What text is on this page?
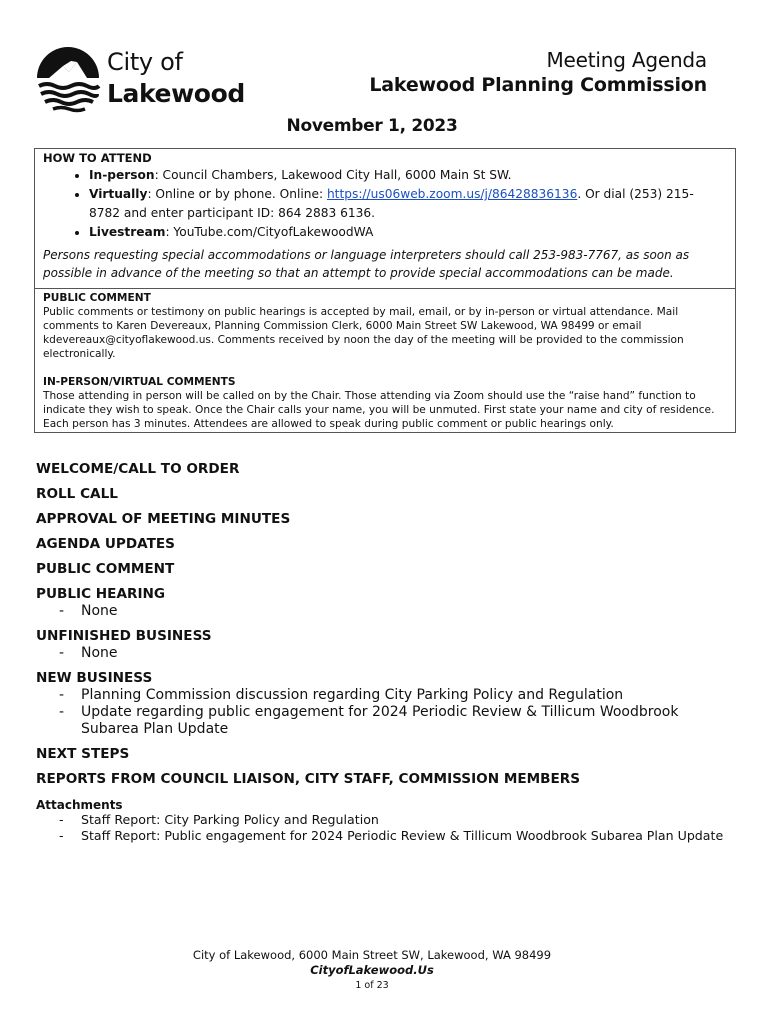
City of
Lakewood
Meeting Agenda
Lakewood Planning Commission
November 1, 2023
HOW TO ATTEND
• In-person: Council Chambers, Lakewood City Hall, 6000 Main St SW.
• Virtually: Online or by phone. Online: https://us06web.zoom.us/j/86428836136. Or dial (253) 215- 8782 and enter participant ID: 864 2883 6136.
• Livestream: YouTube.com/CityofLakewoodWA
Persons requesting special accommodations or language interpreters should call 253-983-7767, as soon as possible in advance of the meeting so that an attempt to provide special accommodations can be made.
PUBLIC COMMENT
Public comments or testimony on public hearings is accepted by mail, email, or by in-person or virtual attendance. Mail comments to Karen Devereaux, Planning Commission Clerk, 6000 Main Street SW Lakewood, WA 98499 or email kdevereaux@cityoflakewood.us. Comments received by noon the day of the meeting will be provided to the commission electronically.
IN-PERSON/VIRTUAL COMMENTS
Those attending in person will be called on by the Chair. Those attending via Zoom should use the “raise hand” function to indicate they wish to speak. Once the Chair calls your name, you will be unmuted. First state your name and city of residence. Each person has 3 minutes. Attendees are allowed to speak during public comment or public hearings only.
WELCOME/CALL TO ORDER
ROLL CALL
APPROVAL OF MEETING MINUTES
AGENDA UPDATES
PUBLIC COMMENT
PUBLIC HEARING
- None
UNFINISHED BUSINESS
- None
NEW BUSINESS
- Planning Commission discussion regarding City Parking Policy and Regulation
- Update regarding public engagement for 2024 Periodic Review & Tillicum Woodbrook Subarea Plan Update
NEXT STEPS
REPORTS FROM COUNCIL LIAISON, CITY STAFF, COMMISSION MEMBERS
Attachments
- Staff Report: City Parking Policy and Regulation
- Staff Report: Public engagement for 2024 Periodic Review & Tillicum Woodbrook Subarea Plan Update
City of Lakewood, 6000 Main Street SW, Lakewood, WA 98499
CityofLakewood.Us
1 of 23
